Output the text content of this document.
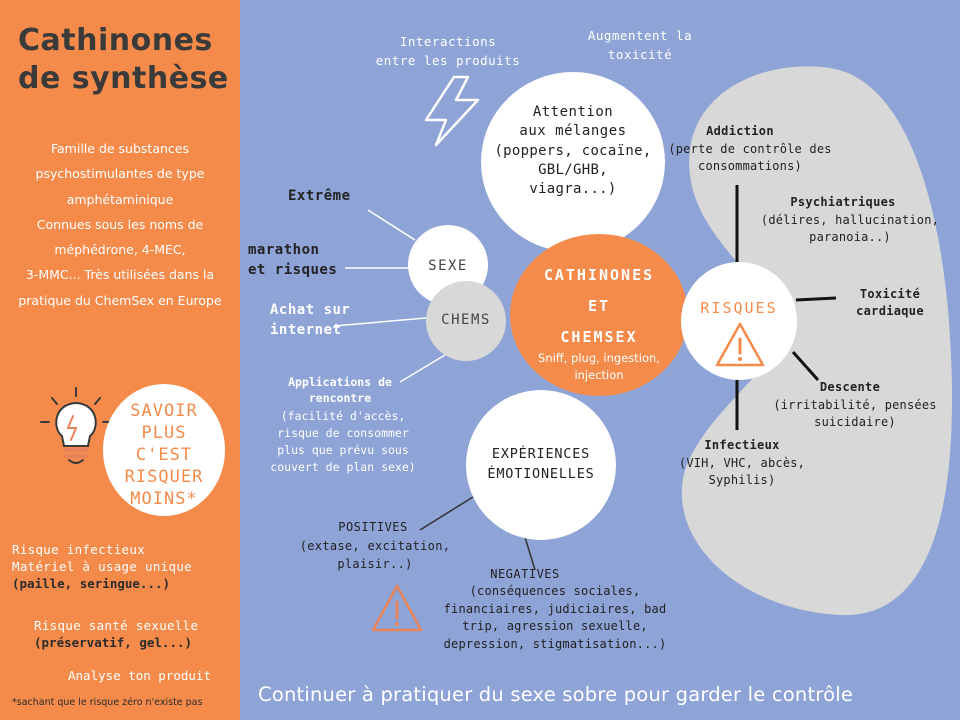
Cathinones
de synthèse
Famille de substances
psychostimulantes de type
amphétaminique
Connues sous les noms de
méphédrone, 4-MEC,
3-MMC... Très utilisées dans la
pratique du ChemSex en Europe
SAVOIR
PLUS
C'EST
RISQUER
MOINS*
Risque infectieux
Matériel à usage unique
(paille, seringue...)
Risque santé sexuelle
(préservatif, gel...)
Analyse ton produit
*sachant que le risque zéro n'existe pas
Interactions
entre les produits
Augmentent la
toxicité
Attention
aux mélanges
(poppers, cocaïne,
GBL/GHB,
viagra...)
Extrême
marathon
et risques	SEXE
CHEMS
Achat sur
internet
Applications de
rencontre
(facilité d'accès,
risque de consommer
plus que prévu sous
couvert de plan sexe)
CATHINONES
ET
CHEMSEX
Sniff, plug, ingestion,
injection
EXPÉRIENCES
ÉMOTIONELLES
POSITIVES
(extase, excitation,
plaisir..)
NEGATIVES
(conséquences sociales,
financiaires, judiciaires, bad
trip, agression sexuelle,
depression, stigmatisation...)
RISQUES
Addiction
(perte de contrôle des
consommations)
Psychiatriques
(délires, hallucination,
paranoia..)
Toxicité
cardiaque
Descente
(irritabilité, pensées
suicidaire)
Infectieux
(VIH, VHC, abcès,
Syphilis)
Continuer à pratiquer du sexe sobre pour garder le contrôle
